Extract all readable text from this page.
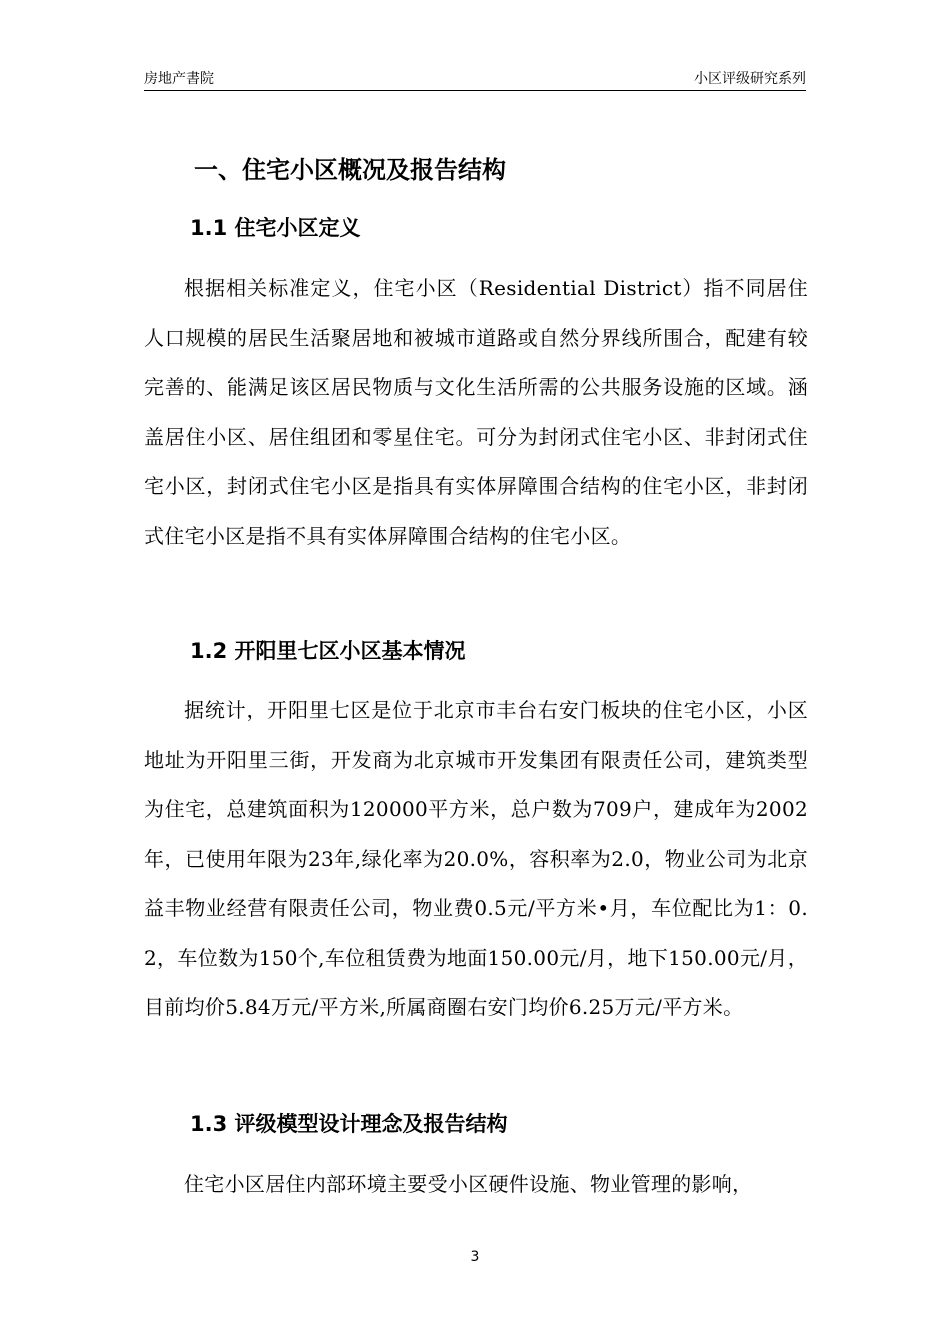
房地产書院	小区评级研究系列
一、住宅小区概况及报告结构
1.1 住宅小区定义
根据相关标准定义，住宅小区（Residential District）指不同居住人口规模的居民生活聚居地和被城市道路或自然分界线所围合，配建有较完善的、能满足该区居民物质与文化生活所需的公共服务设施的区域。涵盖居住小区、居住组团和零星住宅。可分为封闭式住宅小区、非封闭式住宅小区，封闭式住宅小区是指具有实体屏障围合结构的住宅小区，非封闭式住宅小区是指不具有实体屏障围合结构的住宅小区。
1.2 开阳里七区小区基本情况
据统计，开阳里七区是位于北京市丰台右安门板块的住宅小区，小区地址为开阳里三街，开发商为北京城市开发集团有限责任公司，建筑类型为住宅，总建筑面积为120000平方米，总户数为709户，建成年为2002年，已使用年限为23年,绿化率为20.0%，容积率为2.0，物业公司为北京益丰物业经营有限责任公司，物业费0.5元/平方米•月，车位配比为1：0.2，车位数为150个,车位租赁费为地面150.00元/月，地下150.00元/月，目前均价5.84万元/平方米,所属商圈右安门均价6.25万元/平方米。
1.3 评级模型设计理念及报告结构
住宅小区居住内部环境主要受小区硬件设施、物业管理的影响，
3
